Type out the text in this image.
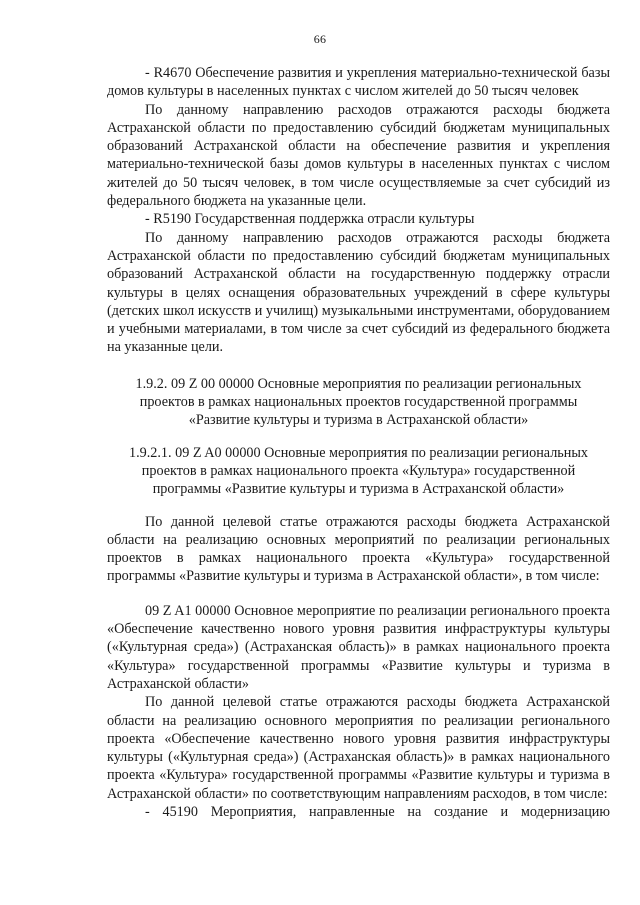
66

- R4670 Обеспечение развития и укрепления материально-технической базы домов культуры в населенных пунктах с числом жителей до 50 тысяч человек

По данному направлению расходов отражаются расходы бюджета Астраханской области по предоставлению субсидий бюджетам муниципальных образований Астраханской области на обеспечение развития и укрепления материально-технической базы домов культуры в населенных пунктах с числом жителей до 50 тысяч человек, в том числе осуществляемые за счет субсидий из федерального бюджета на указанные цели.

- R5190 Государственная поддержка отрасли культуры

По данному направлению расходов отражаются расходы бюджета Астраханской области по предоставлению субсидий бюджетам муниципальных образований Астраханской области на государственную поддержку отрасли культуры в целях оснащения образовательных учреждений в сфере культуры (детских школ искусств и училищ) музыкальными инструментами, оборудованием и учебными материалами, в том числе за счет субсидий из федерального бюджета на указанные цели.

1.9.2. 09 Z 00 00000 Основные мероприятия по реализации региональных проектов в рамках национальных проектов государственной программы «Развитие культуры и туризма в Астраханской области»

1.9.2.1. 09 Z A0 00000 Основные мероприятия по реализации региональных проектов в рамках национального проекта «Культура» государственной программы «Развитие культуры и туризма в Астраханской области»

По данной целевой статье отражаются расходы бюджета Астраханской области на реализацию основных мероприятий по реализации региональных проектов в рамках национального проекта «Культура» государственной программы «Развитие культуры и туризма в Астраханской области», в том числе:

09 Z A1 00000 Основное мероприятие по реализации регионального проекта «Обеспечение качественно нового уровня развития инфраструктуры культуры («Культурная среда») (Астраханская область)» в рамках национального проекта «Культура» государственной программы «Развитие культуры и туризма в Астраханской области»

По данной целевой статье отражаются расходы бюджета Астраханской области на реализацию основного мероприятия по реализации регионального проекта «Обеспечение качественно нового уровня развития инфраструктуры культуры («Культурная среда») (Астраханская область)» в рамках национального проекта «Культура» государственной программы «Развитие культуры и туризма в Астраханской области» по соответствующим направлениям расходов, в том числе:

- 45190 Мероприятия, направленные на создание и модернизацию
